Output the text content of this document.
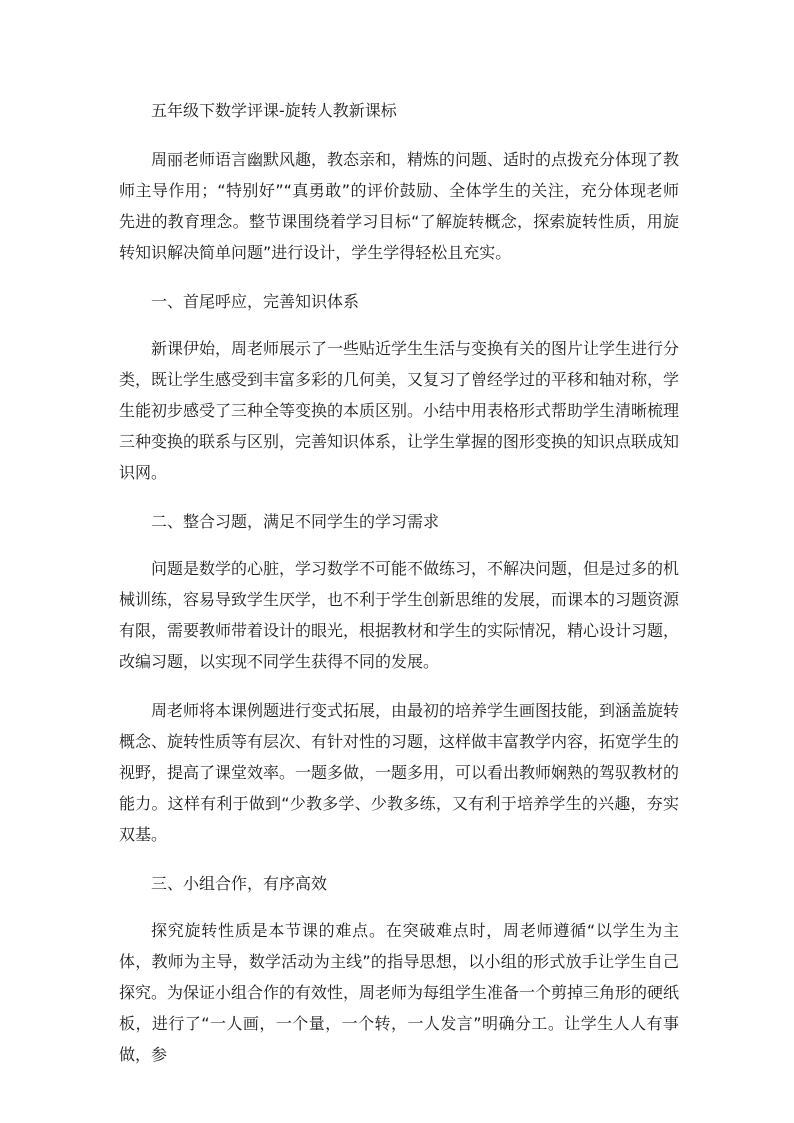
五年级下数学评课-旋转人教新课标

周丽老师语言幽默风趣，教态亲和，精炼的问题、适时的点拨充分体现了教师主导作用；“特别好”“真勇敢”的评价鼓励、全体学生的关注，充分体现老师先进的教育理念。整节课围绕着学习目标“了解旋转概念，探索旋转性质，用旋转知识解决简单问题”进行设计，学生学得轻松且充实。

一、首尾呼应，完善知识体系

新课伊始，周老师展示了一些贴近学生生活与变换有关的图片让学生进行分类，既让学生感受到丰富多彩的几何美，又复习了曾经学过的平移和轴对称，学生能初步感受了三种全等变换的本质区别。小结中用表格形式帮助学生清晰梳理三种变换的联系与区别，完善知识体系，让学生掌握的图形变换的知识点联成知识网。

二、整合习题，满足不同学生的学习需求

问题是数学的心脏，学习数学不可能不做练习，不解决问题，但是过多的机械训练，容易导致学生厌学，也不利于学生创新思维的发展，而课本的习题资源有限，需要教师带着设计的眼光，根据教材和学生的实际情况，精心设计习题，改编习题，以实现不同学生获得不同的发展。

周老师将本课例题进行变式拓展，由最初的培养学生画图技能，到涵盖旋转概念、旋转性质等有层次、有针对性的习题，这样做丰富教学内容，拓宽学生的视野，提高了课堂效率。一题多做，一题多用，可以看出教师娴熟的驾驭教材的能力。这样有利于做到“少教多学、少教多练，又有利于培养学生的兴趣，夯实双基。

三、小组合作，有序高效

探究旋转性质是本节课的难点。在突破难点时，周老师遵循“以学生为主体，教师为主导，数学活动为主线”的指导思想，以小组的形式放手让学生自己探究。为保证小组合作的有效性，周老师为每组学生准备一个剪掉三角形的硬纸板，进行了“一人画，一个量，一个转，一人发言”明确分工。让学生人人有事做，参
